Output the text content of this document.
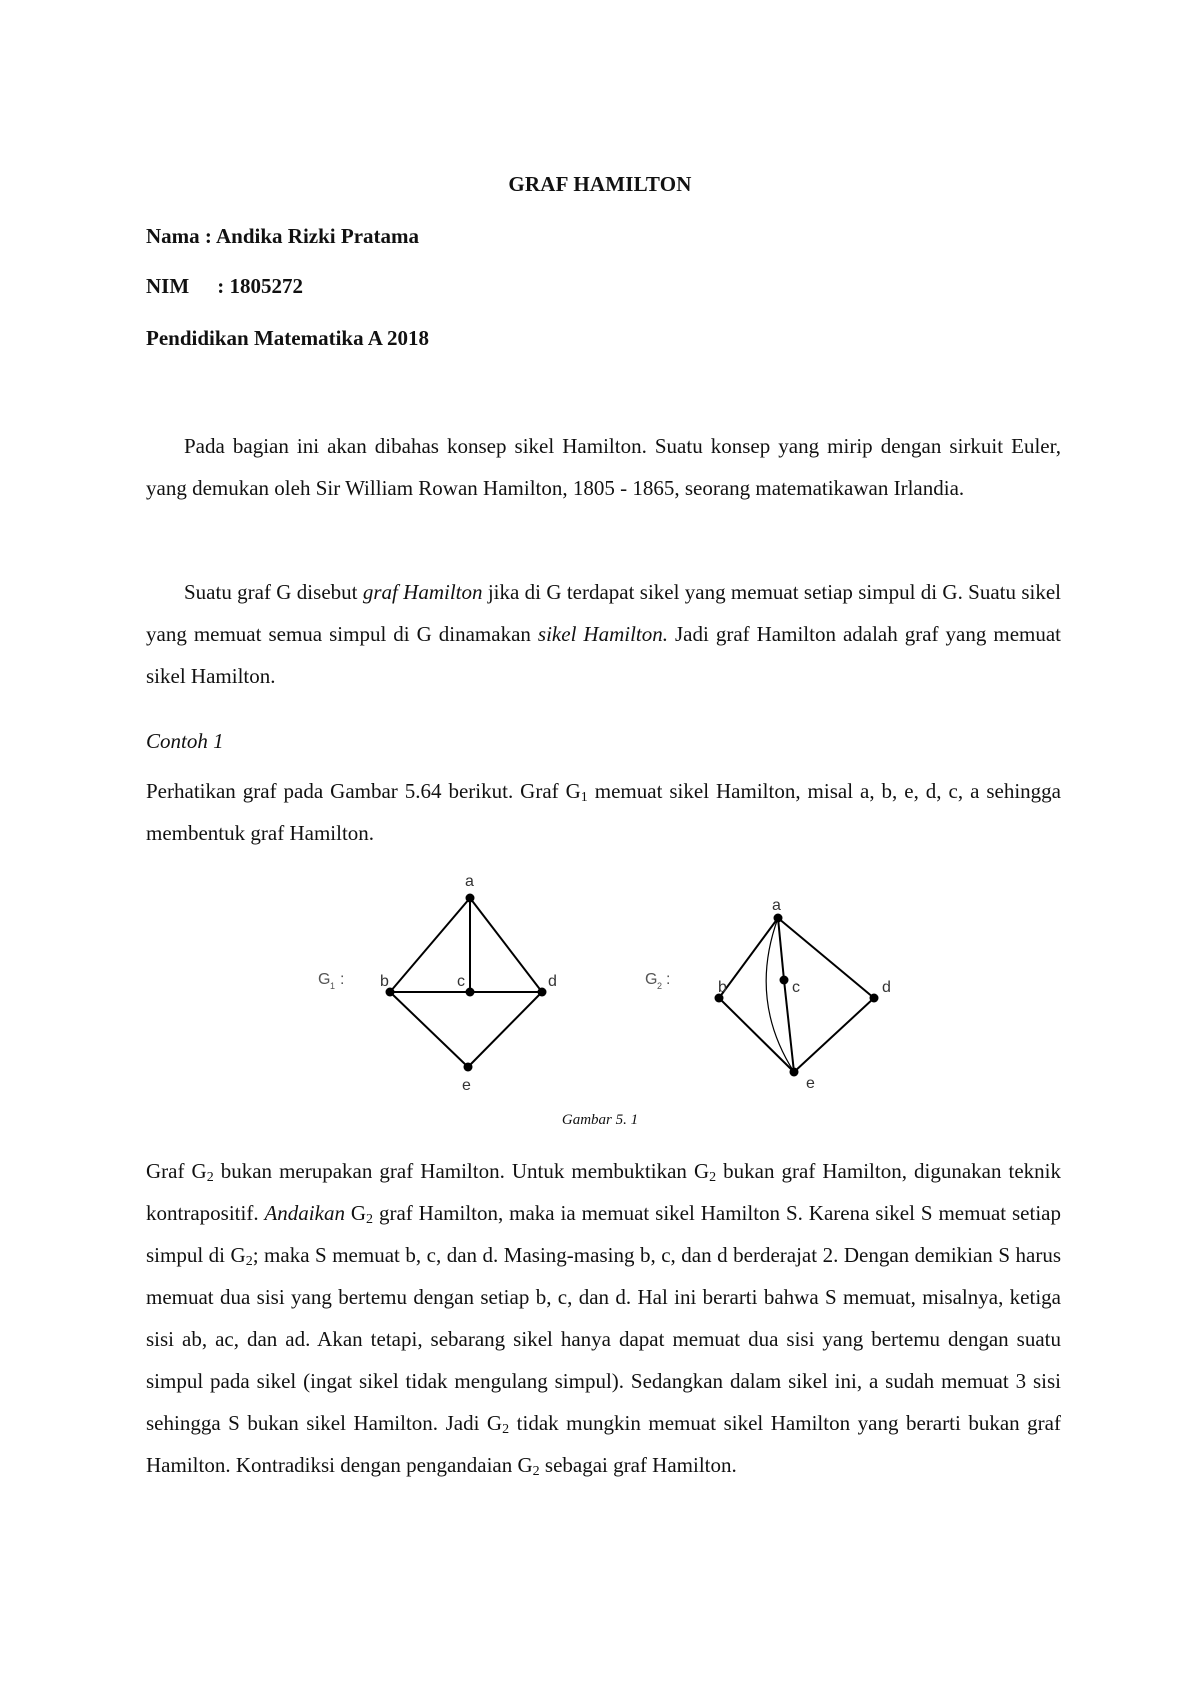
GRAF HAMILTON
Nama : Andika Rizki Pratama
NIM : 1805272
Pendidikan Matematika A 2018

Pada bagian ini akan dibahas konsep sikel Hamilton. Suatu konsep yang mirip dengan sirkuit Euler, yang demukan oleh Sir William Rowan Hamilton, 1805 - 1865, seorang matematikawan Irlandia.

Suatu graf G disebut graf Hamilton jika di G terdapat sikel yang memuat setiap simpul di G. Suatu sikel yang memuat semua simpul di G dinamakan sikel Hamilton. Jadi graf Hamilton adalah graf yang memuat sikel Hamilton.

Contoh 1

Perhatikan graf pada Gambar 5.64 berikut. Graf $G_1$ memuat sikel Hamilton, misal a, b, e, d, c, a sehingga membentuk graf Hamilton.

a
b	c	d
e
G 1 :
a
b	c	d
e
G 2 :
Gambar 5. 1

Graf $G_2$ bukan merupakan graf Hamilton. Untuk membuktikan $G_2$ bukan graf Hamilton, digunakan teknik kontrapositif. Andaikan $G_2$ graf Hamilton, maka ia memuat sikel Hamilton S. Karena sikel S memuat setiap simpul di $G_2$; maka S memuat b, c, dan d. Masing-masing b, c, dan d berderajat 2. Dengan demikian S harus memuat dua sisi yang bertemu dengan setiap b, c, dan d. Hal ini berarti bahwa S memuat, misalnya, ketiga sisi ab, ac, dan ad. Akan tetapi, sebarang sikel hanya dapat memuat dua sisi yang bertemu dengan suatu simpul pada sikel (ingat sikel tidak mengulang simpul). Sedangkan dalam sikel ini, a sudah memuat 3 sisi sehingga S bukan sikel Hamilton. Jadi $G_2$ tidak mungkin memuat sikel Hamilton yang berarti bukan graf Hamilton. Kontradiksi dengan pengandaian $G_2$ sebagai graf Hamilton.
